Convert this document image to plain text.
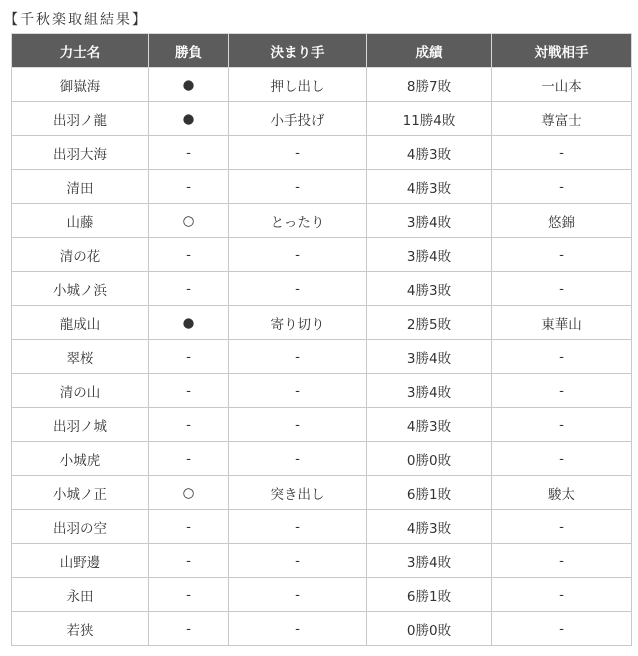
【千秋楽取組結果】
力士名	勝負	決まり手	成績	対戦相手
御嶽海	●	押し出し	8勝7敗	一山本
出羽ノ龍	●	小手投げ	11勝4敗	尊富士
出羽大海	-	-	4勝3敗	-
清田	-	-	4勝3敗	-
山藤	○	とったり	3勝4敗	悠錦
清の花	-	-	3勝4敗	-
小城ノ浜	-	-	4勝3敗	-
龍成山	●	寄り切り	2勝5敗	東華山
翠桜	-	-	3勝4敗	-
清の山	-	-	3勝4敗	-
出羽ノ城	-	-	4勝3敗	-
小城虎	-	-	0勝0敗	-
小城ノ正	○	突き出し	6勝1敗	駿太
出羽の空	-	-	4勝3敗	-
山野邊	-	-	3勝4敗	-
永田	-	-	6勝1敗	-
若狭	-	-	0勝0敗	-
